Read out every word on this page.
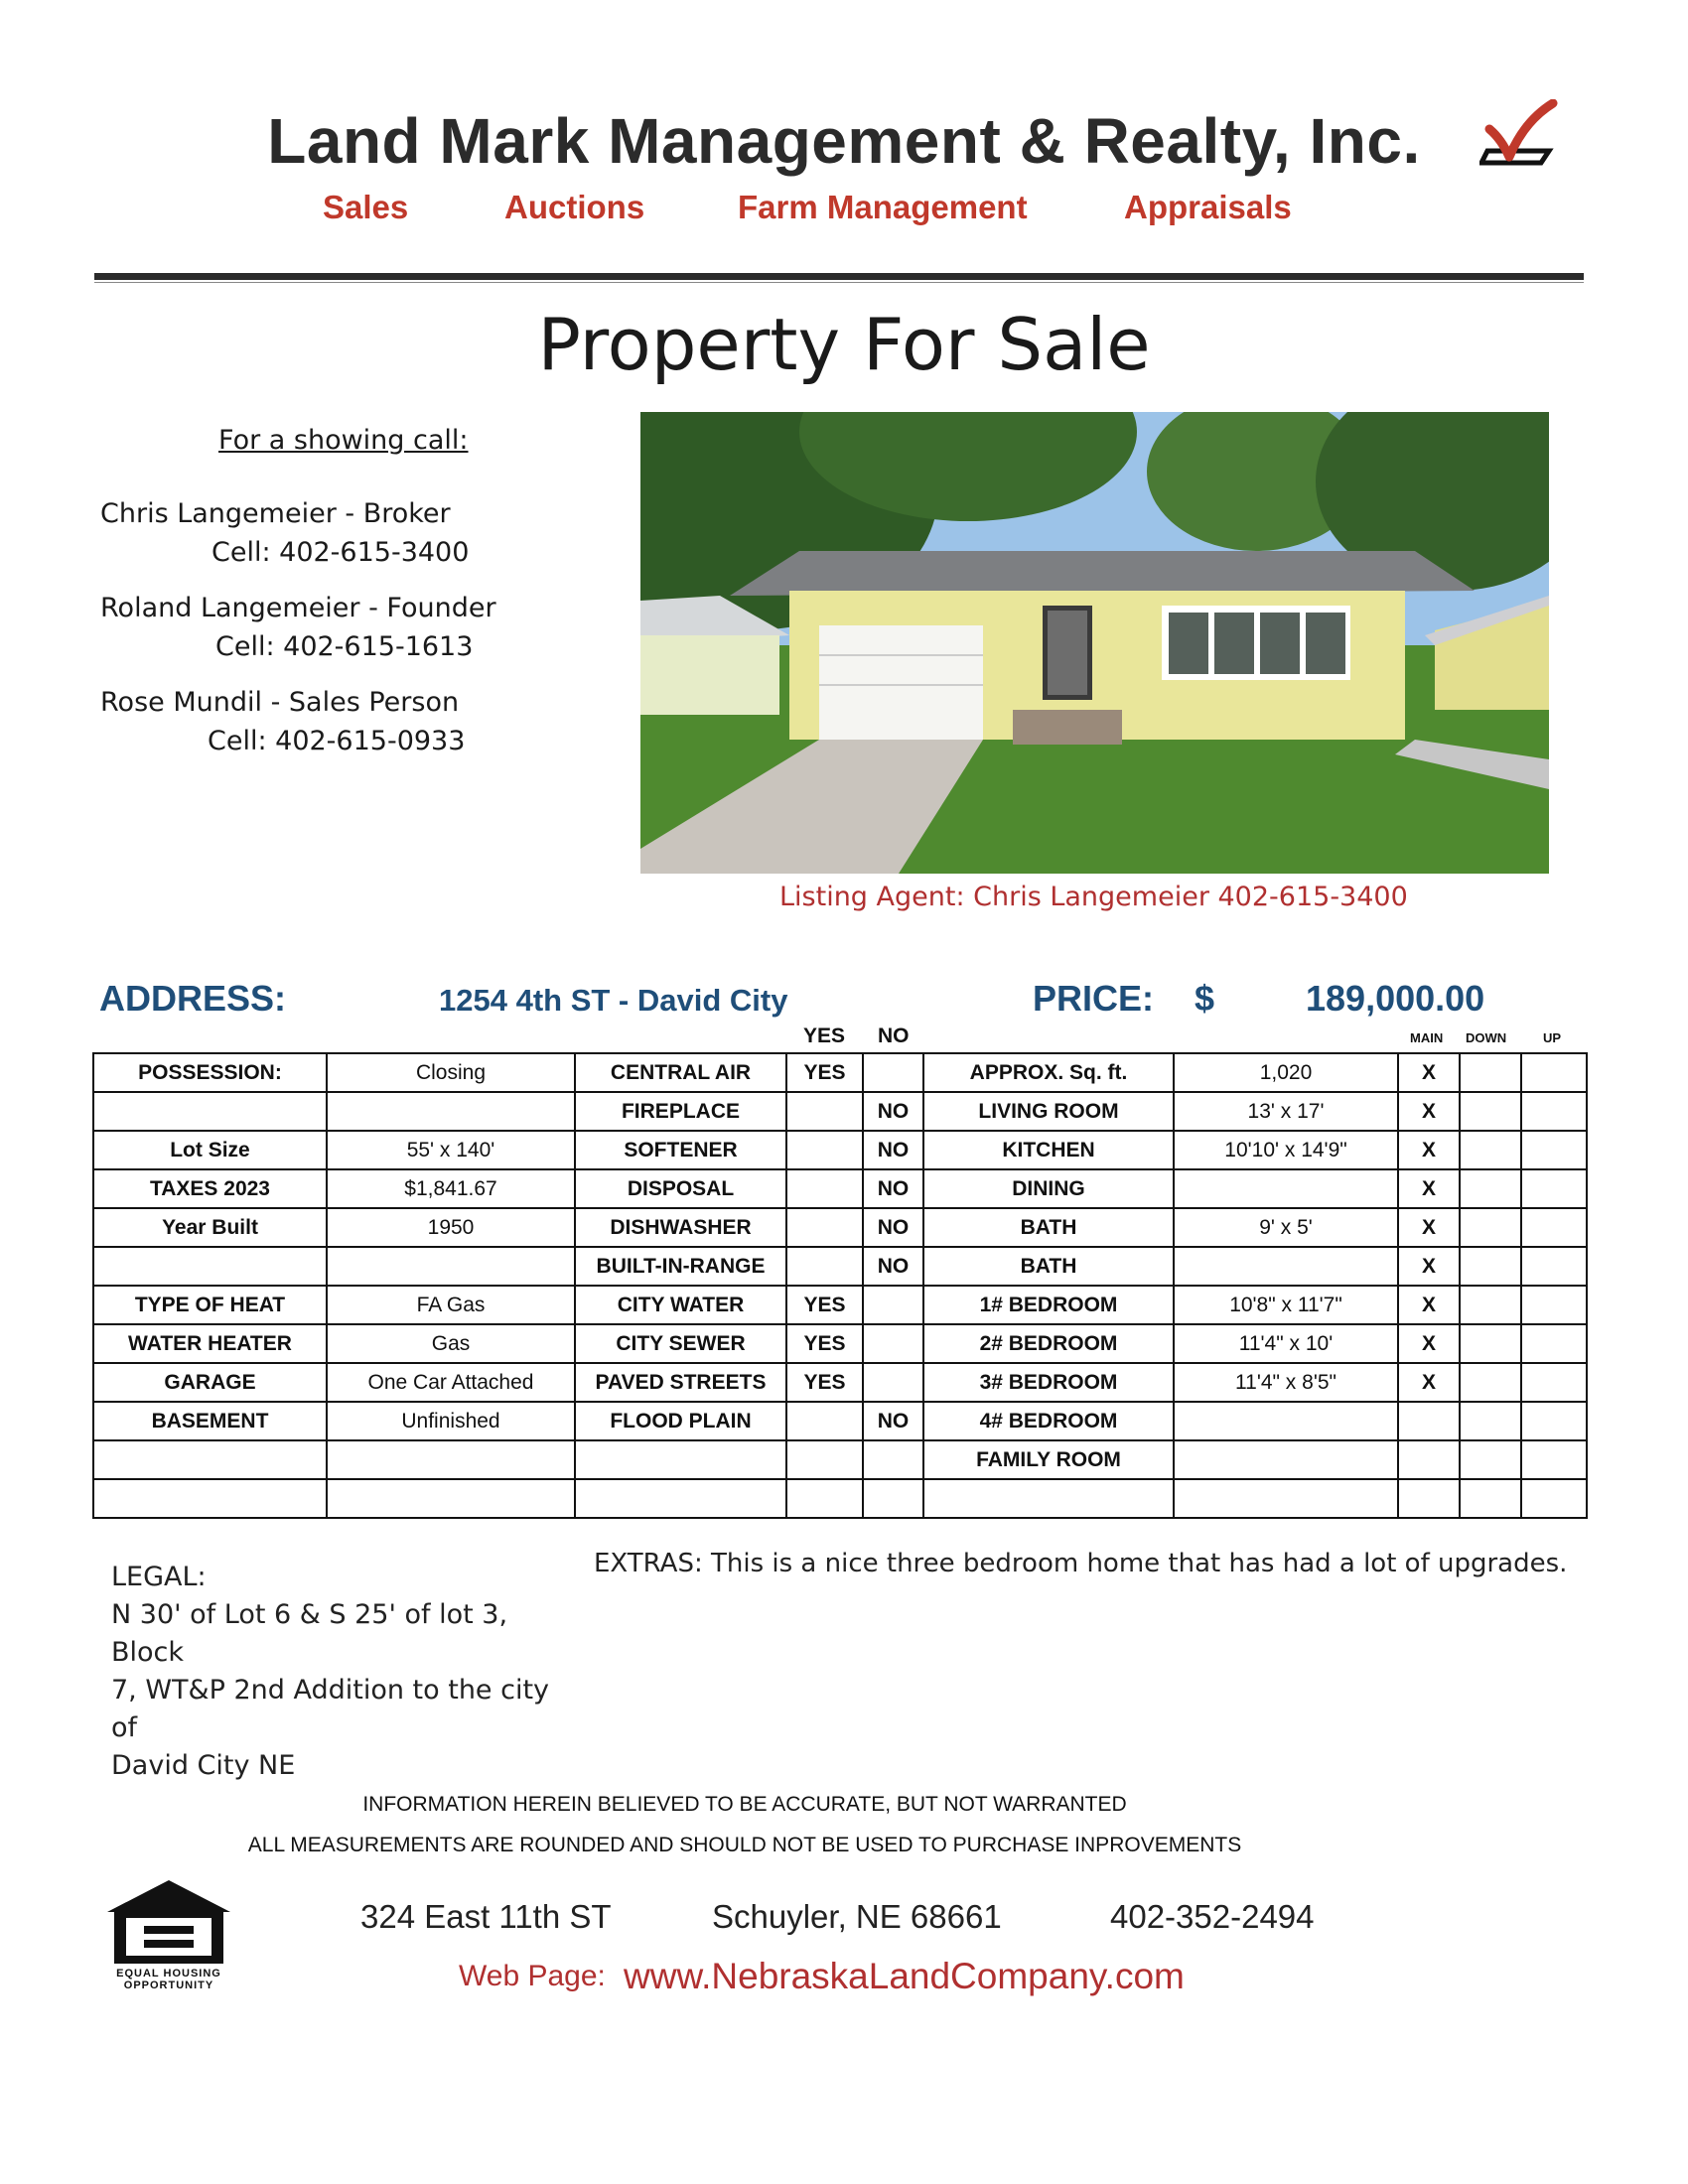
Land Mark Management & Realty, Inc.
Sales	Auctions	Farm Management	Appraisals
Property For Sale
For a showing call:
Chris Langemeier - Broker
Cell: 402-615-3400
Roland Langemeier - Founder
Cell: 402-615-1613
Rose Mundil - Sales Person
Cell: 402-615-0933
Listing Agent: Chris Langemeier 402-615-3400
ADDRESS:	1254 4th ST - David City	PRICE: $	189,000.00
YES NO	MAIN DOWN	UP
POSSESSION:	Closing	CENTRAL AIR	YES		APPROX. Sq. ft.	1,020	X		
		FIREPLACE		NO	LIVING ROOM	13' x 17'	X		
Lot Size	55' x 140'	SOFTENER		NO	KITCHEN	10'10' x 14'9"	X		
TAXES 2023	$1,841.67	DISPOSAL		NO	DINING		X		
Year Built	1950	DISHWASHER		NO	BATH	9' x 5'	X		
		BUILT-IN-RANGE		NO	BATH		X		
TYPE OF HEAT	FA Gas	CITY WATER	YES		1# BEDROOM	10'8" x 11'7"	X		
WATER HEATER	Gas	CITY SEWER	YES		2# BEDROOM	11'4" x 10'	X		
GARAGE	One Car Attached	PAVED STREETS	YES		3# BEDROOM	11'4" x 8'5"	X		
BASEMENT	Unfinished	FLOOD PLAIN		NO	4# BEDROOM				
					FAMILY ROOM				

LEGAL:
N 30' of Lot 6 & S 25' of lot 3, Block
7, WT&P 2nd Addition to the city of
David City NE
EXTRAS: This is a nice three bedroom home that has had a lot of upgrades.
INFORMATION HEREIN BELIEVED TO BE ACCURATE, BUT NOT WARRANTED
ALL MEASUREMENTS ARE ROUNDED AND SHOULD NOT BE USED TO PURCHASE INPROVEMENTS
EQUAL HOUSING
OPPORTUNITY
324 East 11th ST	Schuyler, NE 68661	402-352-2494
Web Page: www.NebraskaLandCompany.com
